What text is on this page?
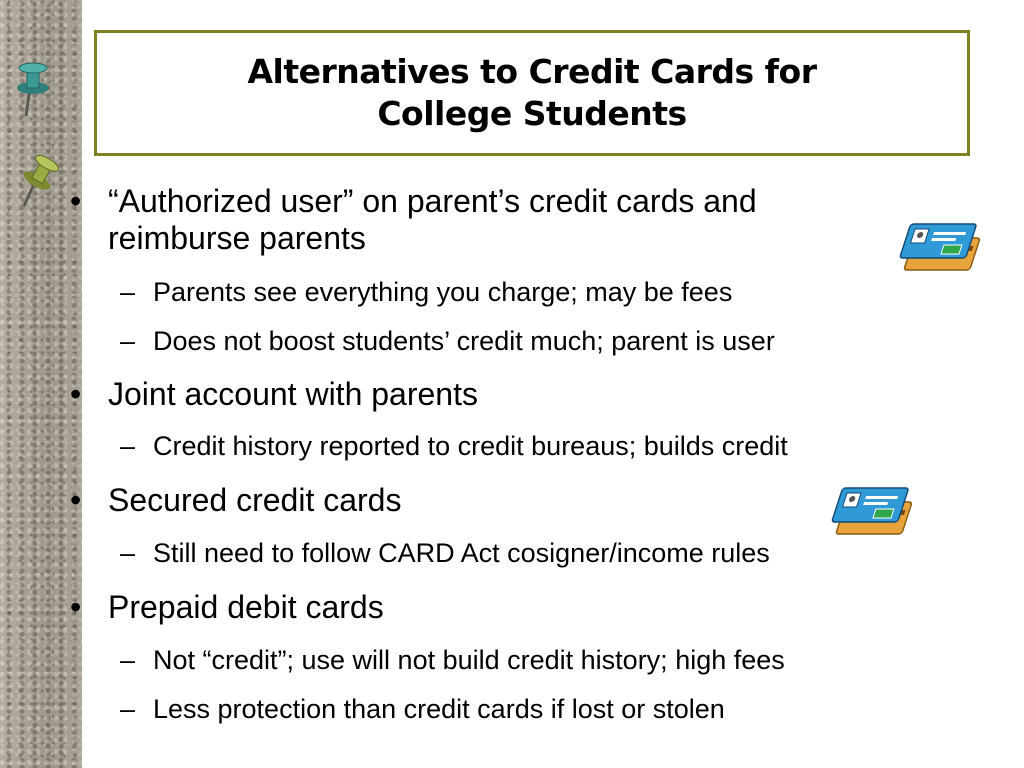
Alternatives to Credit Cards for
College Students
• “Authorized user” on parent’s credit cards and
reimburse parents
– Parents see everything you charge; may be fees
– Does not boost students’ credit much; parent is user
• Joint account with parents
– Credit history reported to credit bureaus; builds credit
• Secured credit cards
– Still need to follow CARD Act cosigner/income rules
• Prepaid debit cards
– Not “credit”; use will not build credit history; high fees
– Less protection than credit cards if lost or stolen
